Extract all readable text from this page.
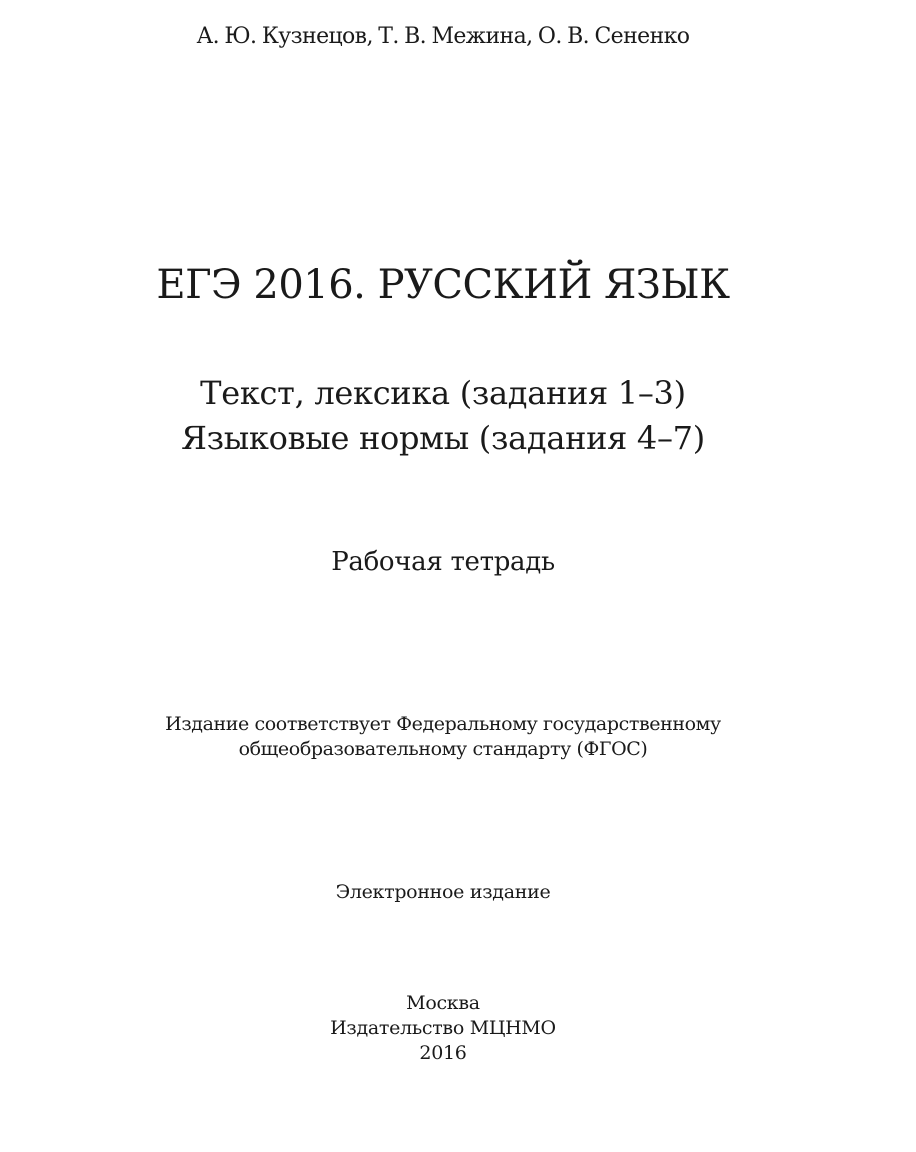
А. Ю. Кузнецов, Т. В. Межина, О. В. Сененко
ЕГЭ 2016. РУССКИЙ ЯЗЫК
Текст, лексика (задания 1–3)
Языковые нормы (задания 4–7)
Рабочая тетрадь
Издание соответствует Федеральному государственному
общеобразовательному стандарту (ФГОС)
Электронное издание
Москва
Издательство МЦНМО
2016
